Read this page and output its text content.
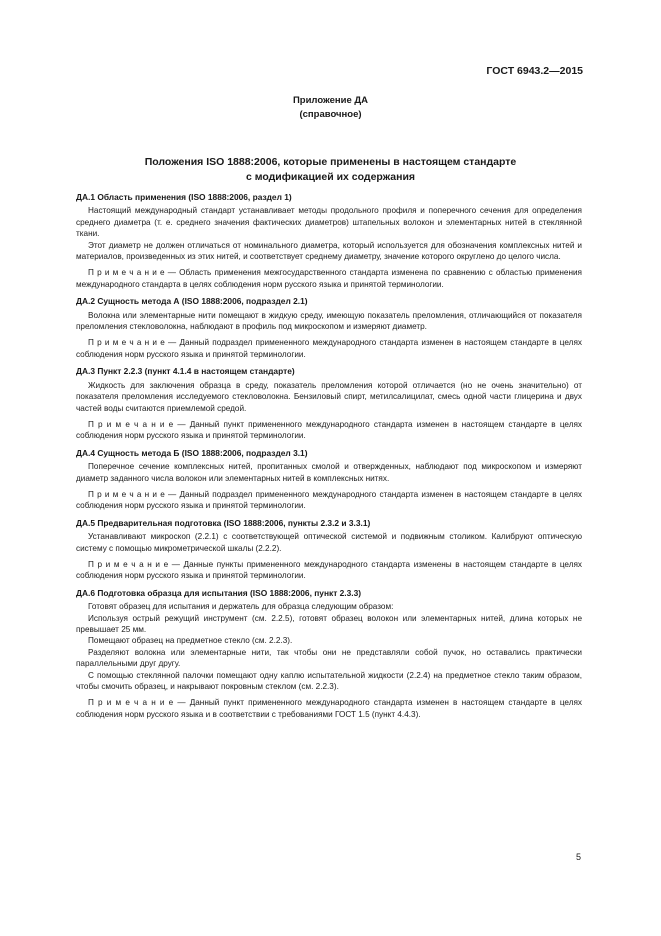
ГОСТ 6943.2—2015
Приложение ДА
(справочное)
Положения ISO 1888:2006, которые применены в настоящем стандарте
с модификацией их содержания
ДА.1 Область применения (ISO 1888:2006, раздел 1)

Настоящий международный стандарт устанавливает методы продольного профиля и поперечного сечения для определения среднего диаметра (т. е. среднего значения фактических диаметров) штапельных волокон и элементарных нитей в стеклянной ткани.

Этот диаметр не должен отличаться от номинального диаметра, который используется для обозначения комплексных нитей и материалов, произведенных из этих нитей, и соответствует среднему диаметру, значение которого округлено до целого числа.

П р и м е ч а н и е — Область применения межгосударственного стандарта изменена по сравнению с областью применения международного стандарта в целях соблюдения норм русского языка и принятой терминологии.

ДА.2 Сущность метода А (ISO 1888:2006, подраздел 2.1)

Волокна или элементарные нити помещают в жидкую среду, имеющую показатель преломления, отличающийся от показателя преломления стекловолокна, наблюдают в профиль под микроскопом и измеряют диаметр.

П р и м е ч а н и е — Данный подраздел примененного международного стандарта изменен в настоящем стандарте в целях соблюдения норм русского языка и принятой терминологии.

ДА.3 Пункт 2.2.3 (пункт 4.1.4 в настоящем стандарте)

Жидкость для заключения образца в среду, показатель преломления которой отличается (но не очень значительно) от показателя преломления исследуемого стекловолокна. Бензиловый спирт, метилсалицилат, смесь одной части глицерина и двух частей воды считаются приемлемой средой.

П р и м е ч а н и е — Данный пункт примененного международного стандарта изменен в настоящем стандарте в целях соблюдения норм русского языка и принятой терминологии.

ДА.4 Сущность метода Б (ISO 1888:2006, подраздел 3.1)

Поперечное сечение комплексных нитей, пропитанных смолой и отвержденных, наблюдают под микроскопом и измеряют диаметр заданного числа волокон или элементарных нитей в комплексных нитях.

П р и м е ч а н и е — Данный подраздел примененного международного стандарта изменен в настоящем стандарте в целях соблюдения норм русского языка и принятой терминологии.

ДА.5 Предварительная подготовка (ISO 1888:2006, пункты 2.3.2 и 3.3.1)

Устанавливают микроскоп (2.2.1) с соответствующей оптической системой и подвижным столиком. Калибруют оптическую систему с помощью микрометрической шкалы (2.2.2).

П р и м е ч а н и е — Данные пункты примененного международного стандарта изменены в настоящем стандарте в целях соблюдения норм русского языка и принятой терминологии.

ДА.6 Подготовка образца для испытания (ISO 1888:2006, пункт 2.3.3)

Готовят образец для испытания и держатель для образца следующим образом:

Используя острый режущий инструмент (см. 2.2.5), готовят образец волокон или элементарных нитей, длина которых не превышает 25 мм.

Помещают образец на предметное стекло (см. 2.2.3).

Разделяют волокна или элементарные нити, так чтобы они не представляли собой пучок, но оставались практически параллельными друг другу.

С помощью стеклянной палочки помещают одну каплю испытательной жидкости (2.2.4) на предметное стекло таким образом, чтобы смочить образец, и накрывают покровным стеклом (см. 2.2.3).

П р и м е ч а н и е — Данный пункт примененного международного стандарта изменен в настоящем стандарте в целях соблюдения норм русского языка и в соответствии с требованиями ГОСТ 1.5 (пункт 4.4.3).

5
